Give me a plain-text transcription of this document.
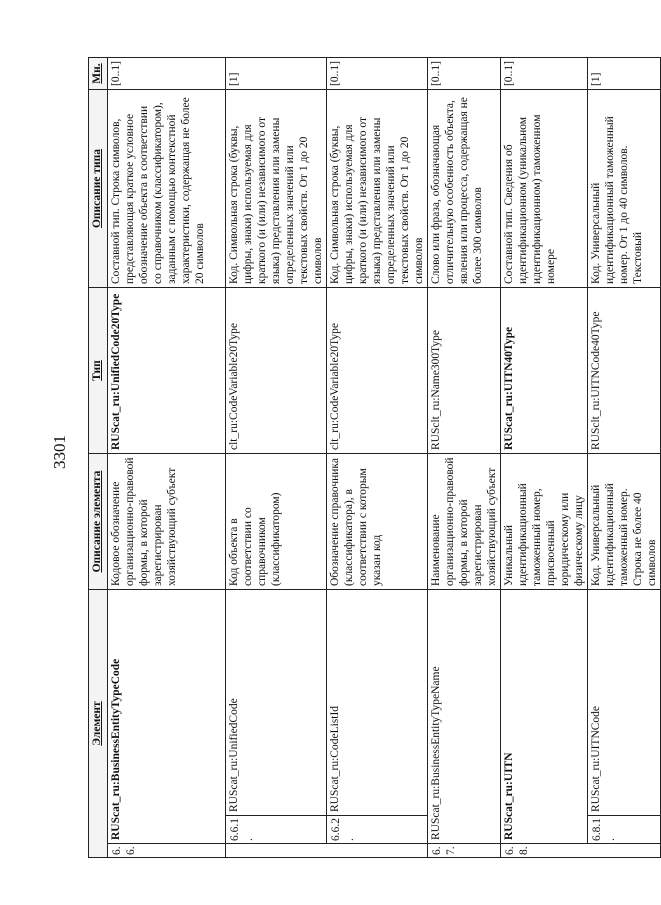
3301
Элемент			Описание элемента	Тип	Описание типа	Мн.
6.6.	RUScat_ru:BusinessEntityTypeCode		Кодовое обозначение организационно-правовой формы, в которой зарегистрирован хозяйствующий субъект	RUScat_ru:UnifiedCode20Type	Составной тип. Строка символов, представляющая краткое условное обозначение объекта в соответствии со справочником (классификатором), заданным с помощью контекстной характеристики, содержащая не более 20 символов	[0..1]
	6.6.1.	RUScat_ru:UnifiedCode	Код объекта в соответствии со справочником (классификатором)	clt_ru:CodeVariable20Type	Код. Символьная строка (буквы, цифры, знаки) используемая для краткого (и (или) независимого от языка) представления или замены определенных значений или текстовых свойств. От 1 до 20 символов	[1]
	6.6.2.	RUScat_ru:CodeListId	Обозначение справочника (классификатора), в соответствии с которым указан код	clt_ru:CodeVariable20Type	Код. Символьная строка (буквы, цифры, знаки) используемая для краткого (и (или) независимого от языка) представления или замены определенных значений или текстовых свойств. От 1 до 20 символов	[0..1]
6.7.	RUScat_ru:BusinessEntityTypeName		Наименование организационно-правовой формы, в которой зарегистрирован хозяйствующий субъект	RUSclt_ru:Name300Type	Слово или фраза, обозначающая отличительную особенность объекта, явления или процесса, содержащая не более 300 символов	[0..1]
6.8.	RUScat_ru:UITN		Уникальный идентификационный таможенный номер, присвоенный юридическому или физическому лицу	RUScat_ru:UITN40Type	Составной тип. Сведения об идентификационном (уникальном идентификационном) таможенном номере	[0..1]
	6.8.1.	RUScat_ru:UITNCode	Код. Универсальный идентификационный таможенный номер. Строка не более 40 символов	RUSclt_ru:UITNCode40Type	Код. Универсальный идентификационный таможенный номер. От 1 до 40 символов. Текстовый	[1]
